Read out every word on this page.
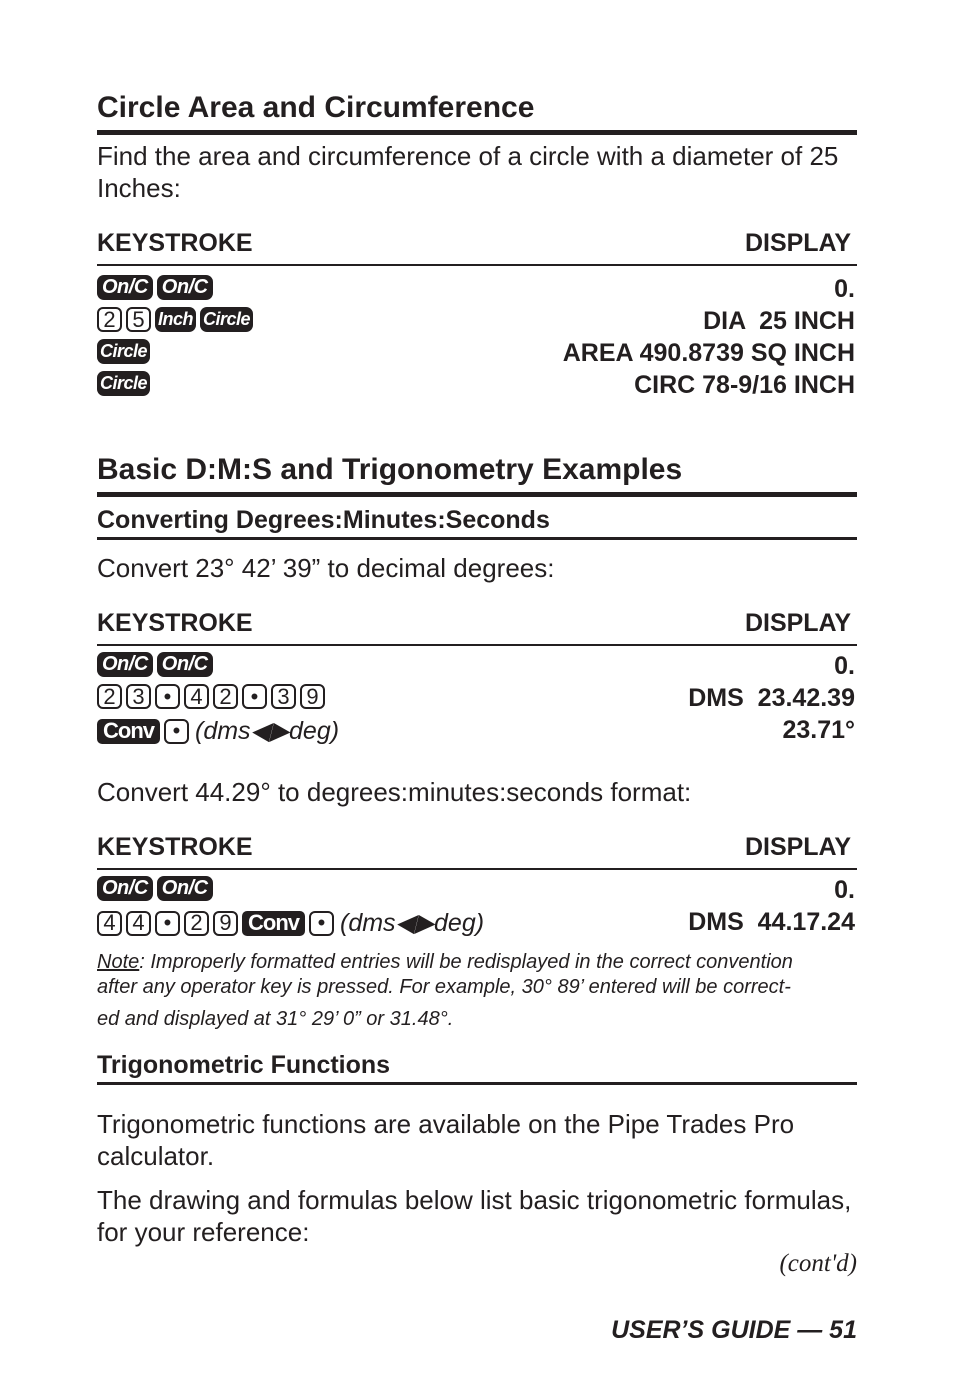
Circle Area and Circumference
Find the area and circumference of a circle with a diameter of 25 Inches:
KEYSTROKE	DISPLAY
On/C On/C	0.
2 5 Inch Circle	DIA  25 INCH
Circle	AREA 490.8739 SQ INCH
Circle	CIRC 78-9/16 INCH
Basic D:M:S and Trigonometry Examples
Converting Degrees:Minutes:Seconds
Convert 23° 42’ 39” to decimal degrees:
KEYSTROKE	DISPLAY
On/C On/C	0.
2 3 • 4 2 • 3 9	DMS  23.42.39
Conv • (dms◀▶deg)	23.71°
Convert 44.29° to degrees:minutes:seconds format:
KEYSTROKE	DISPLAY
On/C On/C	0.
4 4 • 2 9 Conv • (dms◀▶deg)	DMS  44.17.24
Note: Improperly formatted entries will be redisplayed in the correct convention
after any operator key is pressed. For example, 30° 89’ entered will be correct-
ed and displayed at 31° 29’ 0” or 31.48°.
Trigonometric Functions
Trigonometric functions are available on the Pipe Trades Pro calculator.
The drawing and formulas below list basic trigonometric formulas, for your reference:
(cont'd)
USER’S GUIDE — 51
